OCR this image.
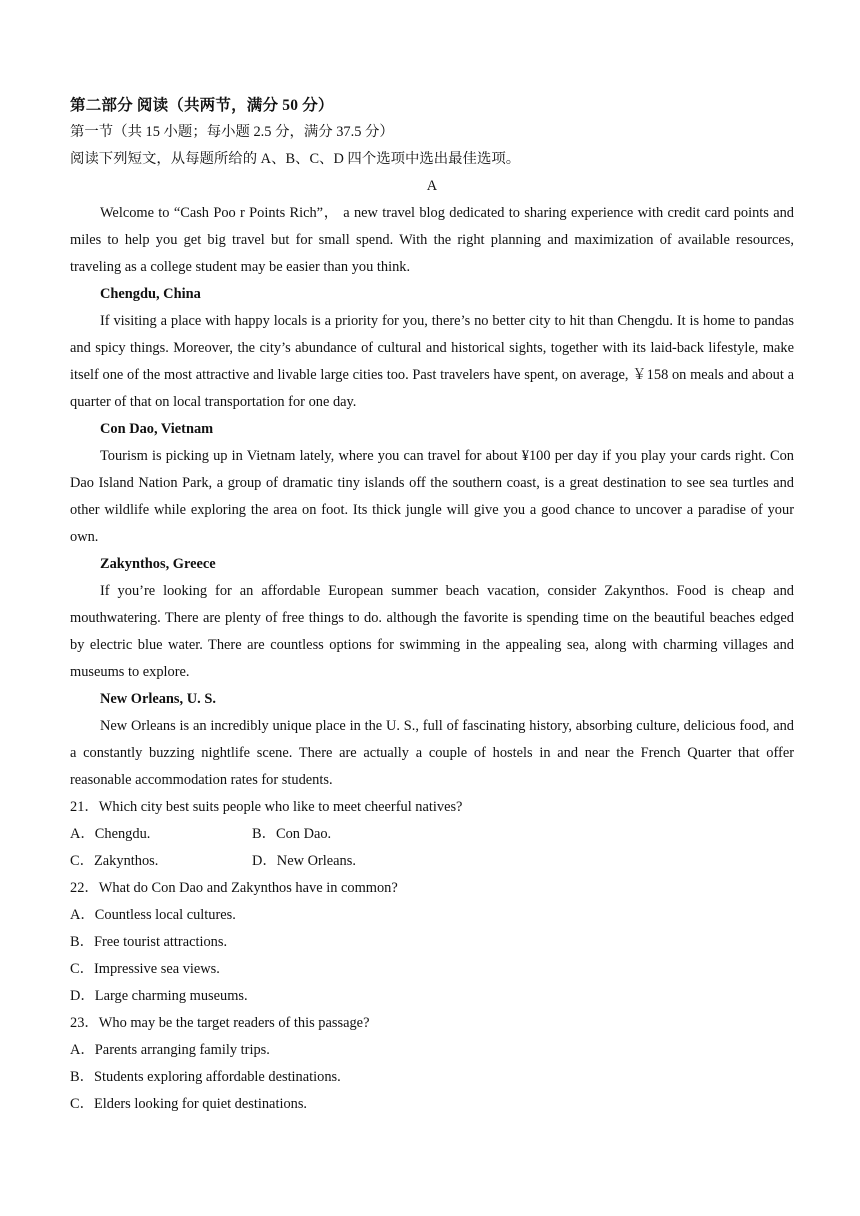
第二部分 阅读（共两节，满分 50 分）
第一节（共 15 小题；每小题 2.5 分，满分 37.5 分）
阅读下列短文，从每题所给的 A、B、C、D 四个选项中选出最佳选项。
A

Welcome to “Cash Poo r Points Rich”， a new travel blog dedicated to sharing experience with credit card points and miles to help you get big travel but for small spend. With the right planning and maximization of available resources, traveling as a college student may be easier than you think.

Chengdu, China

If visiting a place with happy locals is a priority for you, there’s no better city to hit than Chengdu. It is home to pandas and spicy things. Moreover, the city’s abundance of cultural and historical sights, together with its laid-back lifestyle, make itself one of the most attractive and livable large cities too. Past travelers have spent, on average, ￥158 on meals and about a quarter of that on local transportation for one day.

Con Dao, Vietnam

Tourism is picking up in Vietnam lately, where you can travel for about ¥100 per day if you play your cards right. Con Dao Island Nation Park, a group of dramatic tiny islands off the southern coast, is a great destination to see sea turtles and other wildlife while exploring the area on foot. Its thick jungle will give you a good chance to uncover a paradise of your own.

Zakynthos, Greece

If you’re looking for an affordable European summer beach vacation, consider Zakynthos. Food is cheap and mouthwatering. There are plenty of free things to do. although the favorite is spending time on the beautiful beaches edged by electric blue water. There are countless options for swimming in the appealing sea, along with charming villages and museums to explore.

New Orleans, U. S.

New Orleans is an incredibly unique place in the U. S., full of fascinating history, absorbing culture, delicious food, and a constantly buzzing nightlife scene. There are actually a couple of hostels in and near the French Quarter that offer reasonable accommodation rates for students.

21．Which city best suits people who like to meet cheerful natives?
A．Chengdu.	B．Con Dao.
C．Zakynthos.	D．New Orleans.
22．What do Con Dao and Zakynthos have in common?
A．Countless local cultures.
B．Free tourist attractions.
C．Impressive sea views.
D．Large charming museums.
23．Who may be the target readers of this passage?
A．Parents arranging family trips.
B．Students exploring affordable destinations.
C．Elders looking for quiet destinations.
